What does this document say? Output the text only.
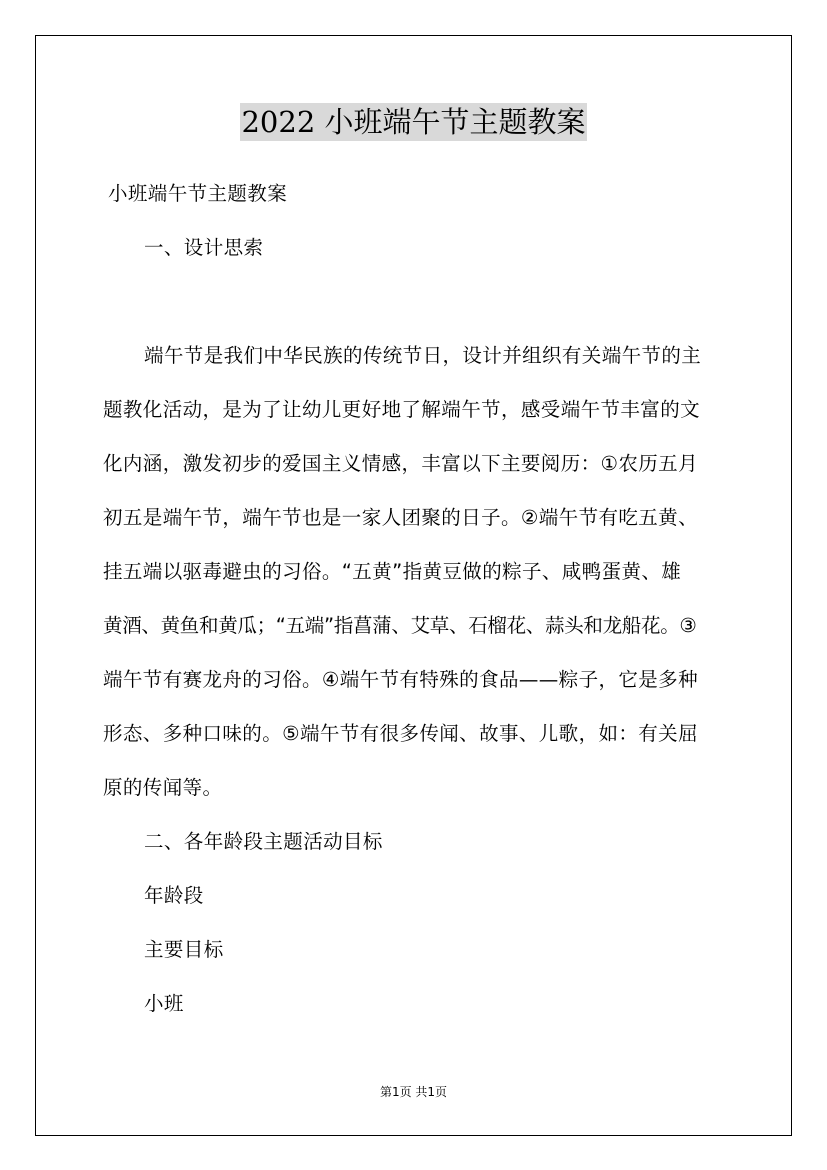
2022 小班端午节主题教案
小班端午节主题教案
一、设计思索
端午节是我们中华民族的传统节日，设计并组织有关端午节的主
题教化活动，是为了让幼儿更好地了解端午节，感受端午节丰富的文
化内涵，激发初步的爱国主义情感，丰富以下主要阅历：①农历五月
初五是端午节，端午节也是一家人团聚的日子。②端午节有吃五黄、
挂五端以驱毒避虫的习俗。“五黄”指黄豆做的粽子、咸鸭蛋黄、雄
黄酒、黄鱼和黄瓜；“五端”指菖蒲、艾草、石榴花、蒜头和龙船花。③
端午节有赛龙舟的习俗。④端午节有特殊的食品——粽子，它是多种
形态、多种口味的。⑤端午节有很多传闻、故事、儿歌，如：有关屈
原的传闻等。
二、各年龄段主题活动目标
年龄段
主要目标
小班
第1页 共1页
